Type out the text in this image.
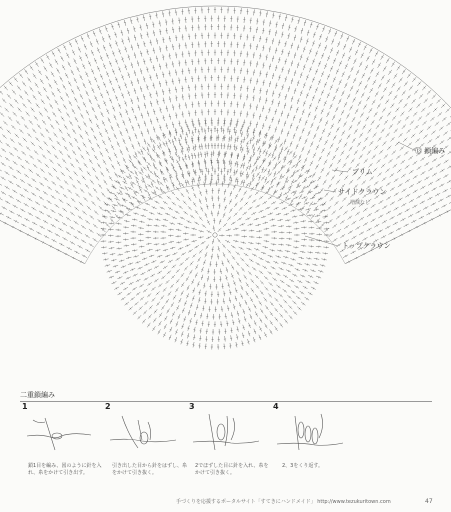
⑬ 鎖編み
ブリム
サイドクラウン
増減なし
トップクラウン
二重鎖編み
1	2	3	4
鎖1目を編み、図のように針を入れ、糸をかけて引き出す。
引き出した目から針をはずし、糸をかけて引き抜く。
2でほずした目に針を入れ、糸をかけて引き抜く。
2、3をくり返す。
手づくりを応援するポータルサイト「すてきにハンドメイド」 http://www.tezukuritown.com	47
